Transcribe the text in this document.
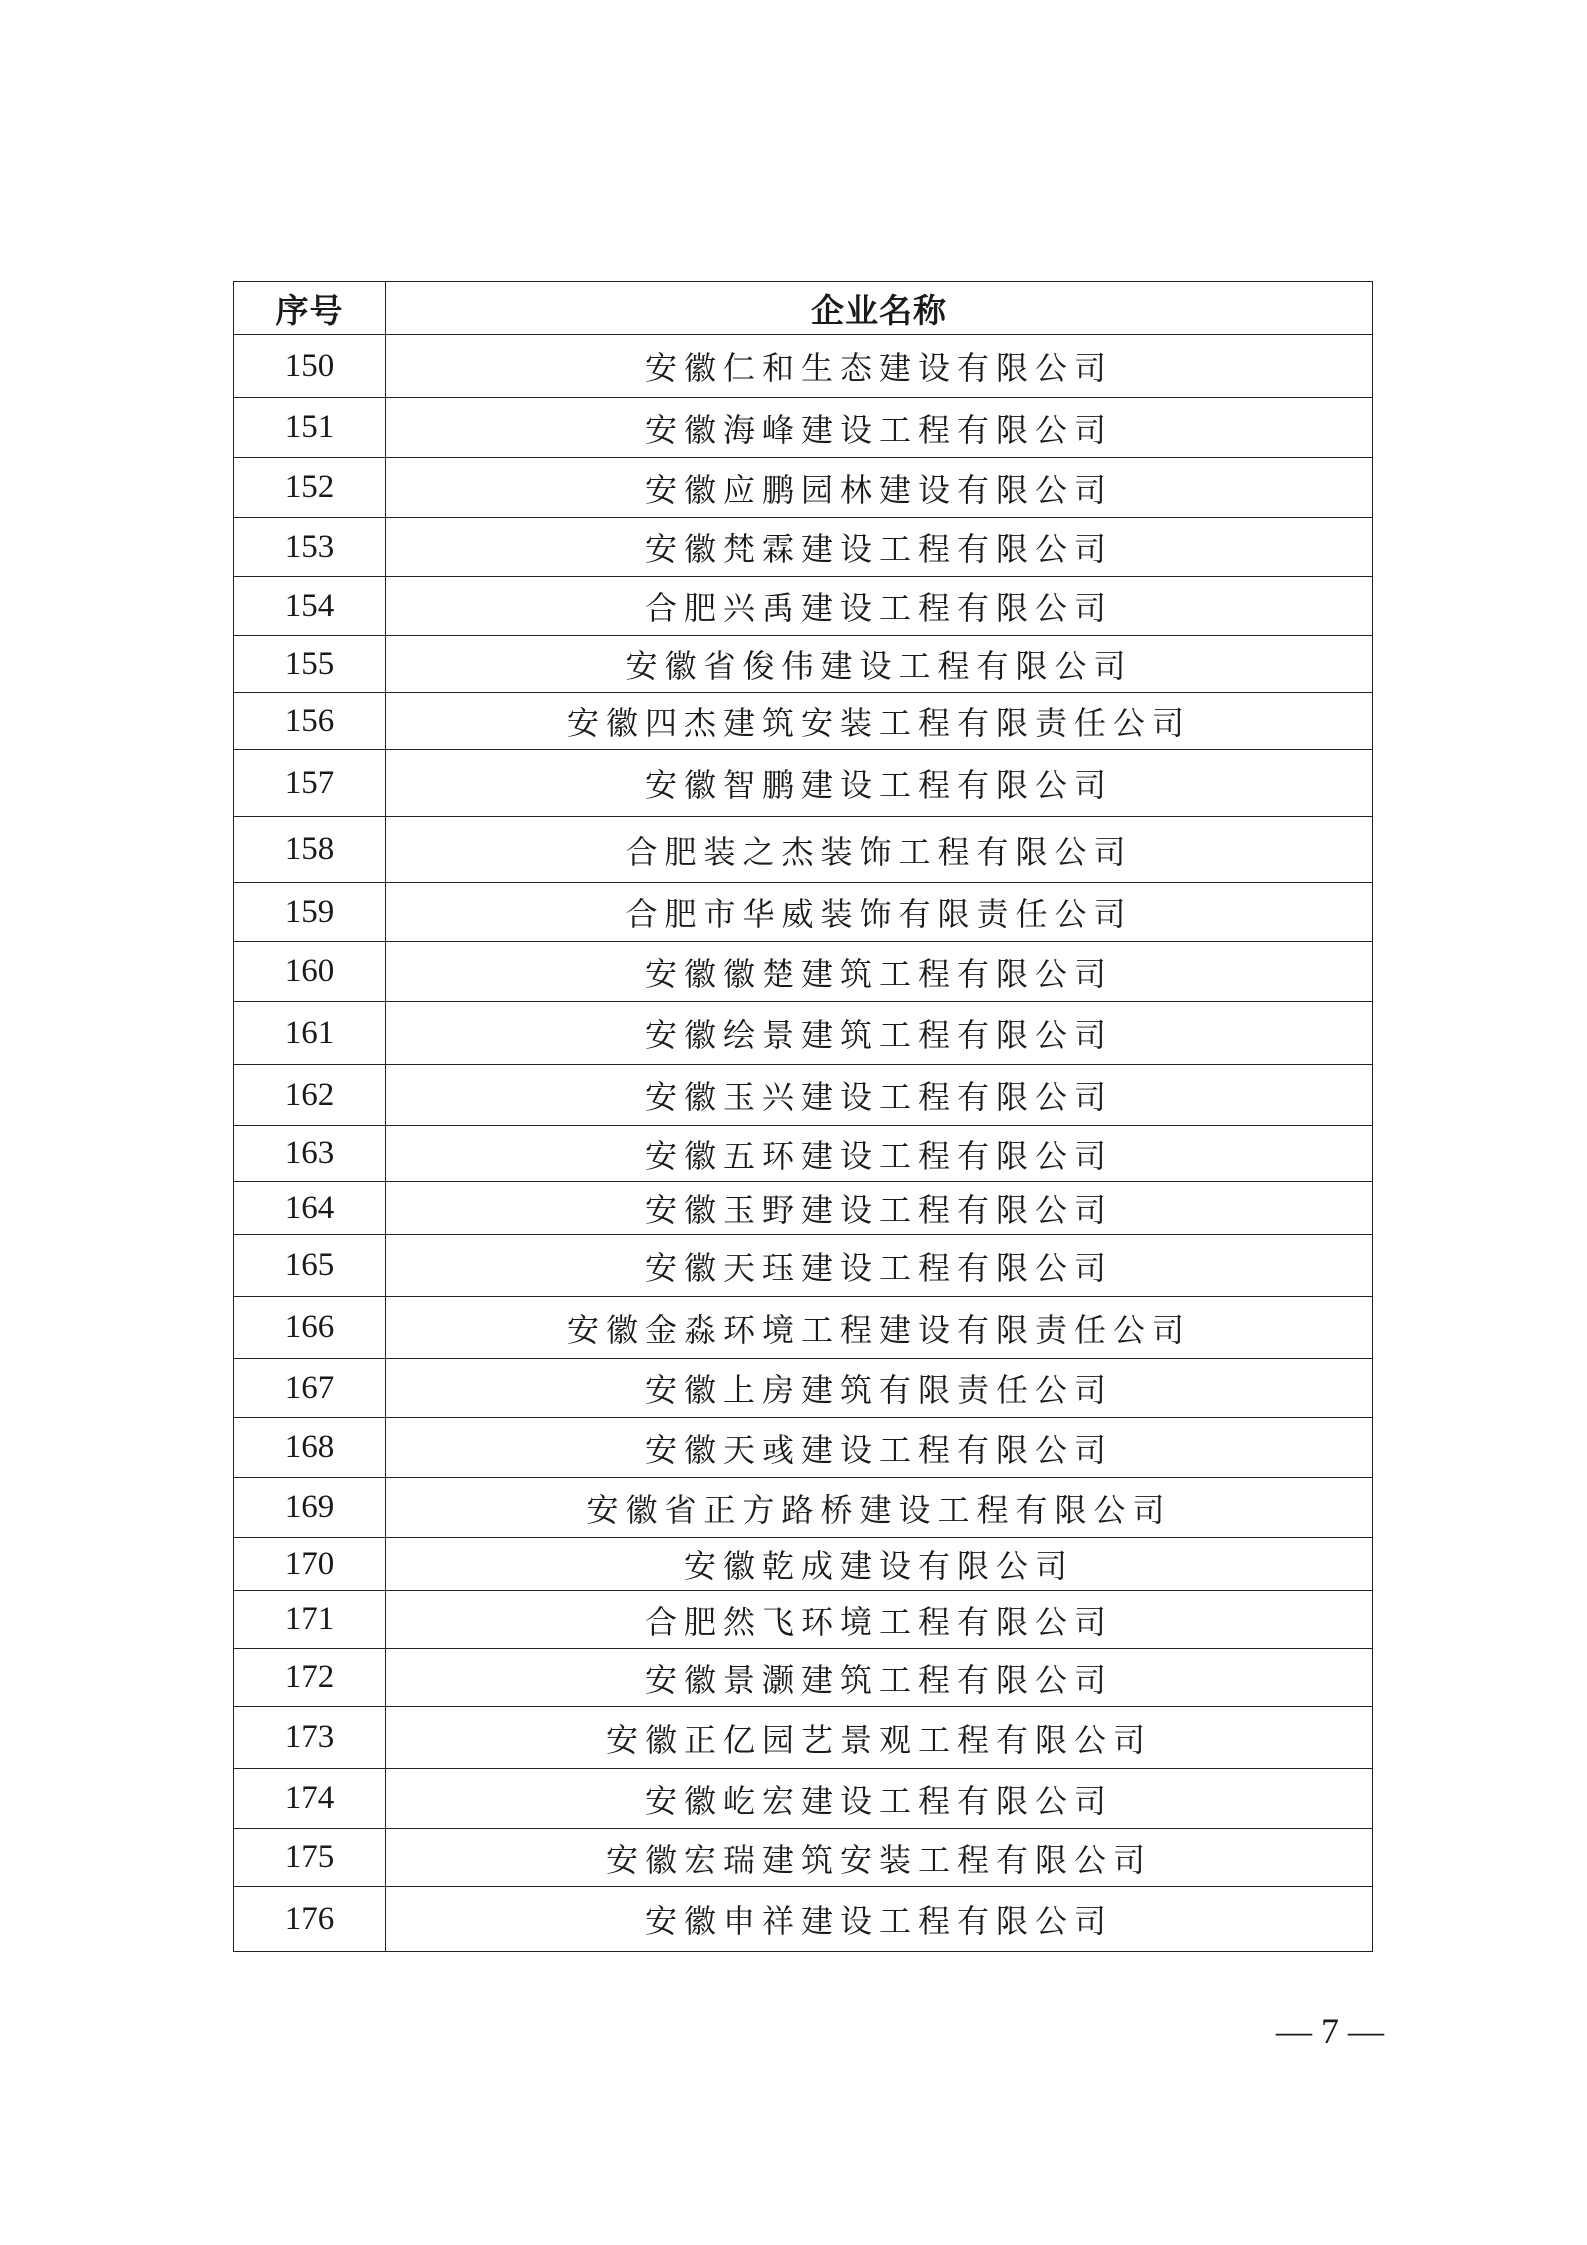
序号	企业名称
150	安徽仁和生态建设有限公司
151	安徽海峰建设工程有限公司
152	安徽应鹏园林建设有限公司
153	安徽梵霖建设工程有限公司
154	合肥兴禹建设工程有限公司
155	安徽省俊伟建设工程有限公司
156	安徽四杰建筑安装工程有限责任公司
157	安徽智鹏建设工程有限公司
158	合肥装之杰装饰工程有限公司
159	合肥市华威装饰有限责任公司
160	安徽徽楚建筑工程有限公司
161	安徽绘景建筑工程有限公司
162	安徽玉兴建设工程有限公司
163	安徽五环建设工程有限公司
164	安徽玉野建设工程有限公司
165	安徽天珏建设工程有限公司
166	安徽金淼环境工程建设有限责任公司
167	安徽上房建筑有限责任公司
168	安徽天彧建设工程有限公司
169	安徽省正方路桥建设工程有限公司
170	安徽乾成建设有限公司
171	合肥然飞环境工程有限公司
172	安徽景灏建筑工程有限公司
173	安徽正亿园艺景观工程有限公司
174	安徽屹宏建设工程有限公司
175	安徽宏瑞建筑安装工程有限公司
176	安徽申祥建设工程有限公司
— 7 —
